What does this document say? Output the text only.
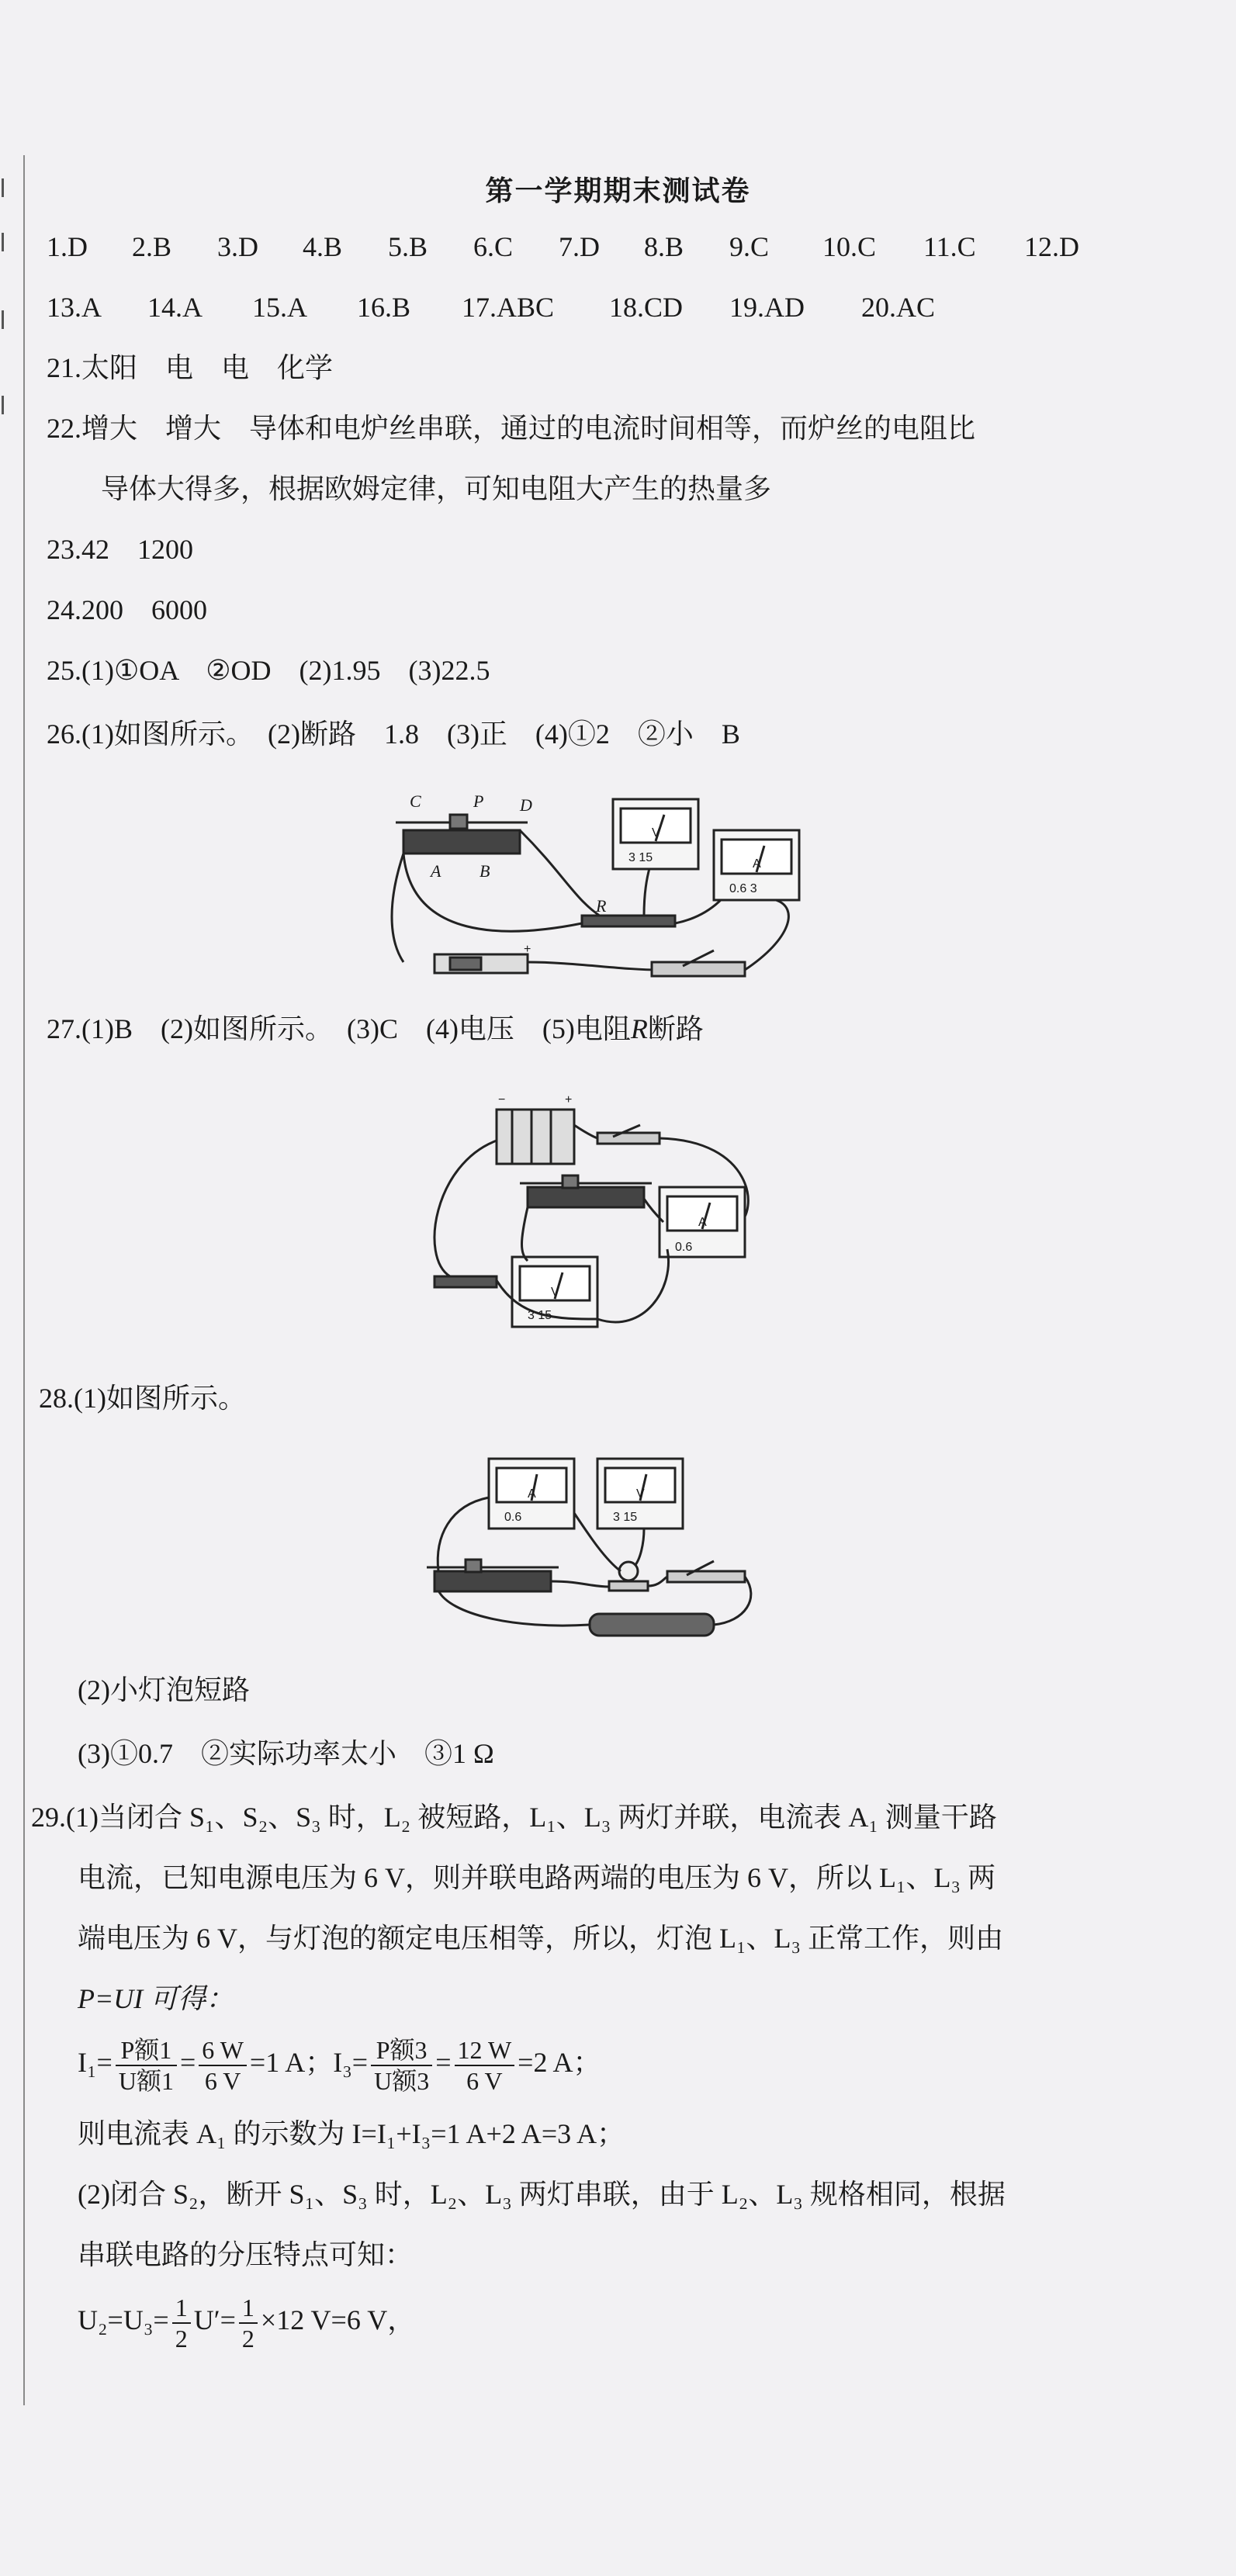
第一学期期末测试卷
1.D 2.B 3.D 4.B 5.B 6.C 7.D 8.B 9.C 10.C 11.C 12.D
13.A 14.A 15.A 16.B 17.ABC 18.CD 19.AD 20.AC
21.太阳　电　电　化学
22.增大　增大　导体和电炉丝串联，通过的电流时间相等，而炉丝的电阻比
导体大得多，根据欧姆定律，可知电阻大产生的热量多
23.42　1200
24.200　6000
25.(1)①OA　②OD　(2)1.95　(3)22.5
26.(1)如图所示。　(2)断路　1.8　(3)正　(4)①2　②小　B
C	P D
A B
R
+
A
0.6 3
V
3 15
27.(1)B　(2)如图所示。　(3)C　(4)电压　(5)电阻R断路
−	+
A
0.6
V
3 15
28.(1)如图所示。
A
0.6
V
3 15
(2)小灯泡短路
(3)①0.7　②实际功率太小　③1 Ω
29.(1)当闭合 S₁、S₂、S₃ 时，L₂ 被短路，L₁、L₃ 两灯并联，电流表 A₁ 测量干路
电流，已知电源电压为 6 V，则并联电路两端的电压为 6 V，所以 L₁、L₃ 两
端电压为 6 V，与灯泡的额定电压相等，所以，灯泡 L₁、L₃ 正常工作，则由
P=UI 可得：
$I_1= \frac{\text{P额1}}{\text{U额1}} = \frac{6 W}{6 V} =1$ A；$I_3= \frac{\text{P额3}}{\text{U额3}} = \frac{12 W}{6 V} =2$ A；
则电流表 A₁ 的示数为 I=I₁+I₃=1 A+2 A=3 A；
(2)闭合 S₂，断开 S₁、S₃ 时，L₂、L₃ 两灯串联，由于 L₂、L₃ 规格相同，根据
串联电路的分压特点可知：
$U_2=U_3= \frac{1}{2} U'= \frac{1}{2} \times 12$ V=6 V，
